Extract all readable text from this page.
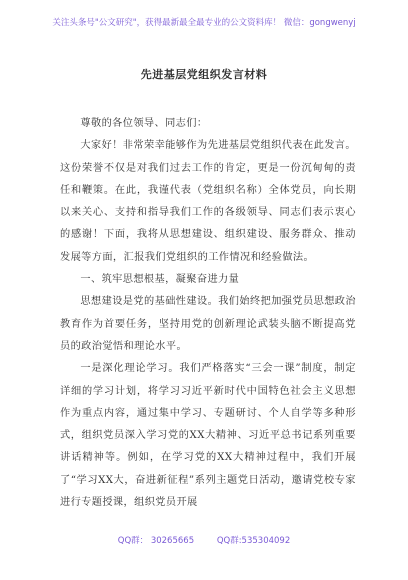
关注头条号"公文研究"，获得最新最全最专业的公文资料库！ 微信：gongwenyj
先进基层党组织发言材料

尊敬的各位领导、同志们：

大家好！非常荣幸能够作为先进基层党组织代表在此发言。这份荣誉不仅是对我们过去工作的肯定，更是一份沉甸甸的责任和鞭策。在此，我谨代表（党组织名称）全体党员，向长期以来关心、支持和指导我们工作的各级领导、同志们表示衷心的感谢！下面，我将从思想建设、组织建设、服务群众、推动发展等方面，汇报我们党组织的工作情况和经验做法。

一、筑牢思想根基，凝聚奋进力量

思想建设是党的基础性建设。我们始终把加强党员思想政治教育作为首要任务，坚持用党的创新理论武装头脑不断提高党员的政治觉悟和理论水平。

一是深化理论学习。我们严格落实“三会一课”制度，制定详细的学习计划，将学习习近平新时代中国特色社会主义思想作为重点内容，通过集中学习、专题研讨、个人自学等多种形式，组织党员深入学习党的XX大精神、习近平总书记系列重要讲话精神等。例如，在学习党的XX大精神过程中，我们开展了“学习XX大，奋进新征程”系列主题党日活动，邀请党校专家进行专题授课，组织党员开展

QQ群： 30265665	QQ群:535304092
